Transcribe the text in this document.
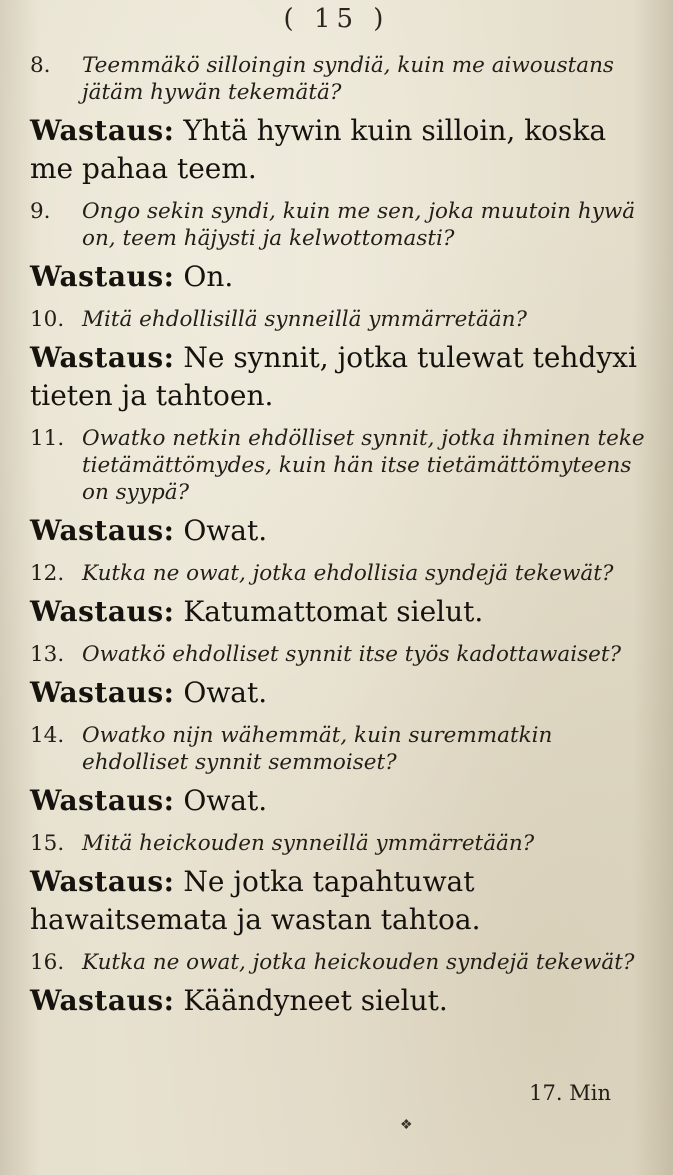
( 15 )
8.	Teemmäkö silloingin syndiä, kuin me aiwoustans jätäm hywän tekemätä?
Wastaus: Yhtä hywin kuin silloin, koska me pahaa teem.
9.	Ongo sekin syndi, kuin me sen, joka muutoin hywä on, teem häjysti ja kelwottomasti?
Wastaus: On.
10. Mitä ehdollisillä synneillä ymmärretään?
Wastaus: Ne synnit, jotka tulewat tehdyxi tieten ja tahtoen.
11. Owatko netkin ehdölliset synnit, jotka ihminen teke tietämättömydes, kuin hän itse tietämättömyteens on syypä?
Wastaus: Owat.
12. Kutka ne owat, jotka ehdollisia syndejä tekewät?
Wastaus: Katumattomat sielut.
13. Owatkö ehdolliset synnit itse työs kadottawaiset?
Wastaus: Owat.
14. Owatko nijn wähemmät, kuin suremmatkin ehdolliset synnit semmoiset?
Wastaus: Owat.
15. Mitä heickouden synneillä ymmärretään?
Wastaus: Ne jotka tapahtuwat hawaitsemata ja wastan tahtoa.
16. Kutka ne owat, jotka heickouden syndejä tekewät?
Wastaus: Käändyneet sielut.
17. Min
❖
